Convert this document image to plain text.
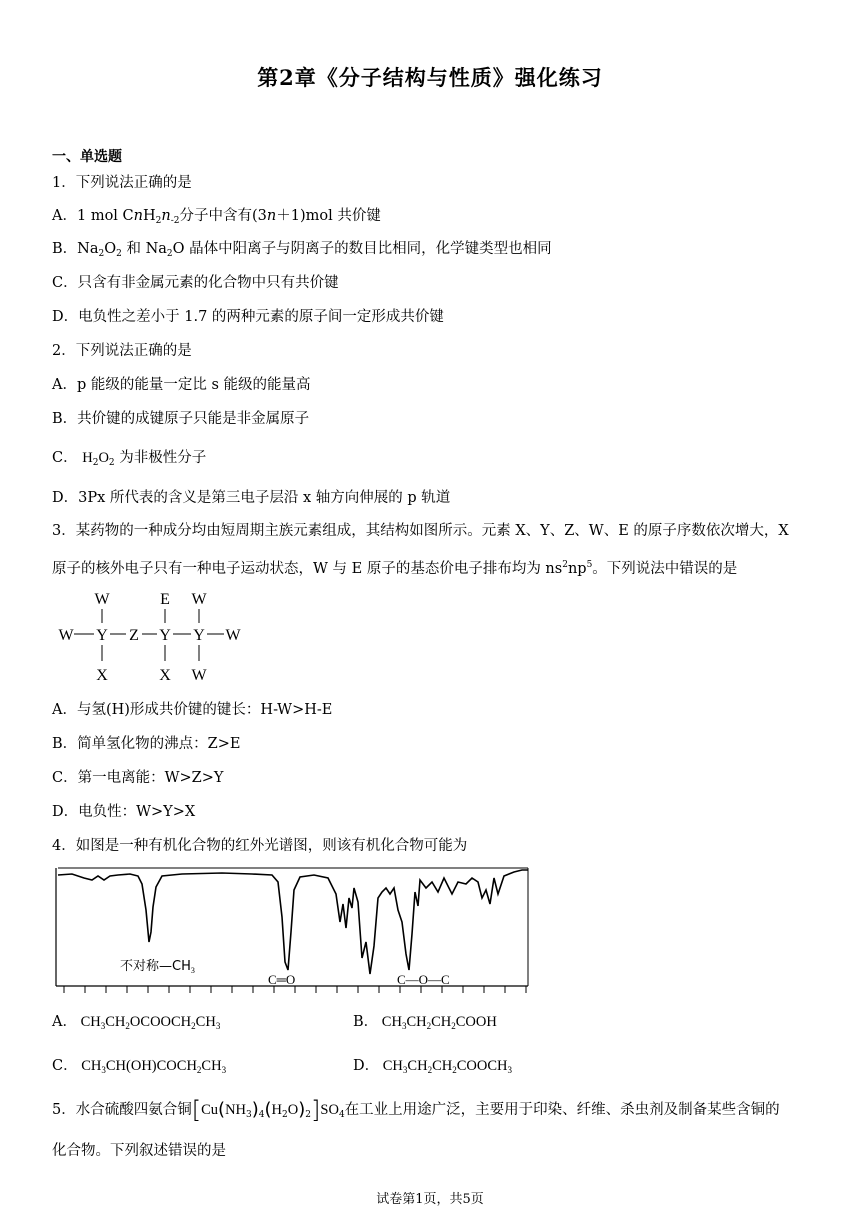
第2章《分子结构与性质》强化练习
一、单选题
1．下列说法正确的是
A．1 mol $CnH_2n_{-2}$分子中含有(3n＋1)mol 共价键
B．$Na_2O_2$ 和 $Na_2O$ 晶体中阳离子与阴离子的数目比相同，化学键类型也相同
C．只含有非金属元素的化合物中只有共价键
D．电负性之差小于 1.7 的两种元素的原子间一定形成共价键
2．下列说法正确的是
A．p 能级的能量一定比 s 能级的能量高
B．共价键的成键原子只能是非金属原子
C． $H_2O_2$ 为非极性分子
D．3Px 所代表的含义是第三电子层沿 x 轴方向伸展的 p 轨道
3．某药物的一种成分均由短周期主族元素组成，其结构如图所示。元素 X、Y、Z、W、E 的原子序数依次增大，X
原子的核外电子只有一种电子运动状态，W 与 E 原子的基态价电子排布均为 $ns^2np^5$。下列说法中错误的是
W	E W
W Y Z Y Y W
X	X W
A．与氢(H)形成共价键的键长：H-W>H-E
B．简单氢化物的沸点：Z>E
C．第一电离能：W>Z>Y
D．电负性：W>Y>X
4．如图是一种有机化合物的红外光谱图，则该有机化合物可能为
不对称$—CH_3$
C═O	C—O—C
A． $CH_3CH_2OCOOCH_2CH_3$	B． $CH_3CH_2CH_2COOH$
C． $CH_3CH(OH)COCH_2CH_3$	D． $CH_3CH_2CH_2COOCH_3$
5．水合硫酸四氨合铜$[Cu(NH_3)_4(H_2O)_2]SO_4$在工业上用途广泛，主要用于印染、纤维、杀虫剂及制备某些含铜的
化合物。下列叙述错误的是
试卷第1页，共5页
